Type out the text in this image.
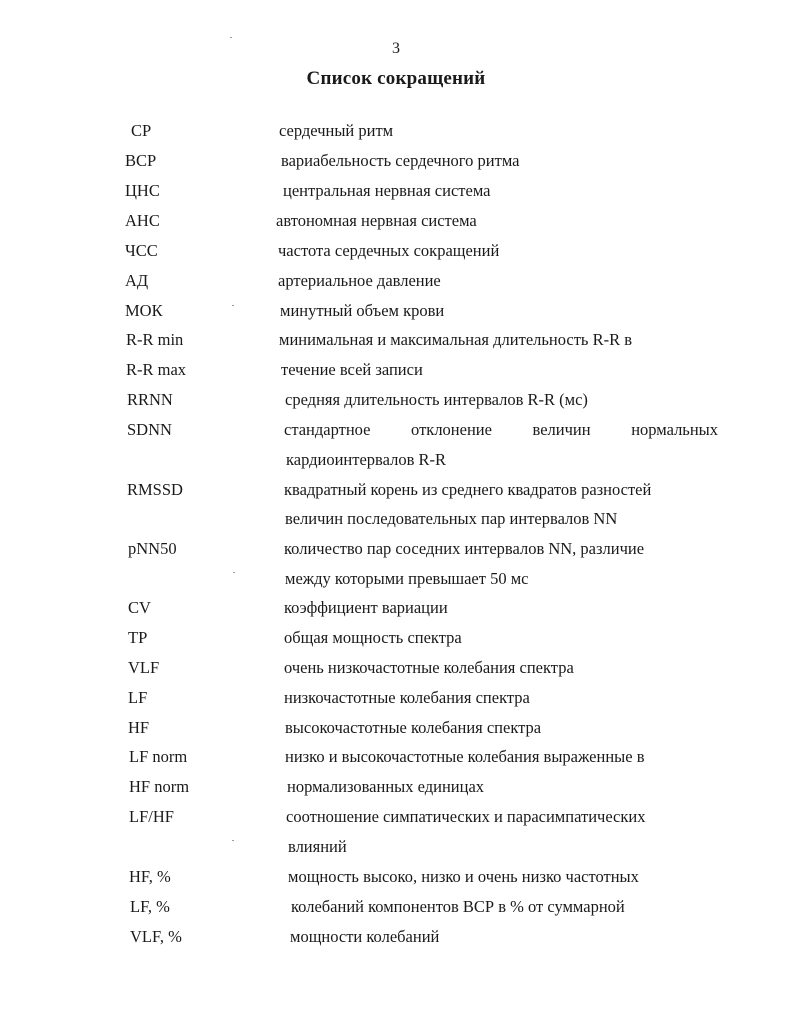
3
Список сокращений
СР	сердечный ритм
ВСР	вариабельность сердечного ритма
ЦНС	центральная нервная система
АНС	автономная нервная система
ЧСС	частота сердечных сокращений
АД	артериальное давление
МОК	минутный объем крови
R-R min	минимальная и максимальная длительность R-R в
R-R max	течение всей записи
RRNN	средняя длительность интервалов R-R (мс)
SDNN	стандартное отклонение величин нормальных
кардиоинтервалов R-R
RMSSD	квадратный корень из среднего квадратов разностей
величин последовательных пар интервалов NN
pNN50	количество пар соседних интервалов NN, различие
между которыми превышает 50 мс
CV	коэффициент вариации
TP	общая мощность спектра
VLF	очень низкочастотные колебания спектра
LF	низкочастотные колебания спектра
HF	высокочастотные колебания спектра
LF norm	низко и высокочастотные колебания выраженные в
HF norm	нормализованных единицах
LF/HF	соотношение симпатических и парасимпатических
влияний
HF, %	мощность высоко, низко и очень низко частотных
LF, %	колебаний компонентов ВСР в % от суммарной
VLF, %	мощности колебаний
